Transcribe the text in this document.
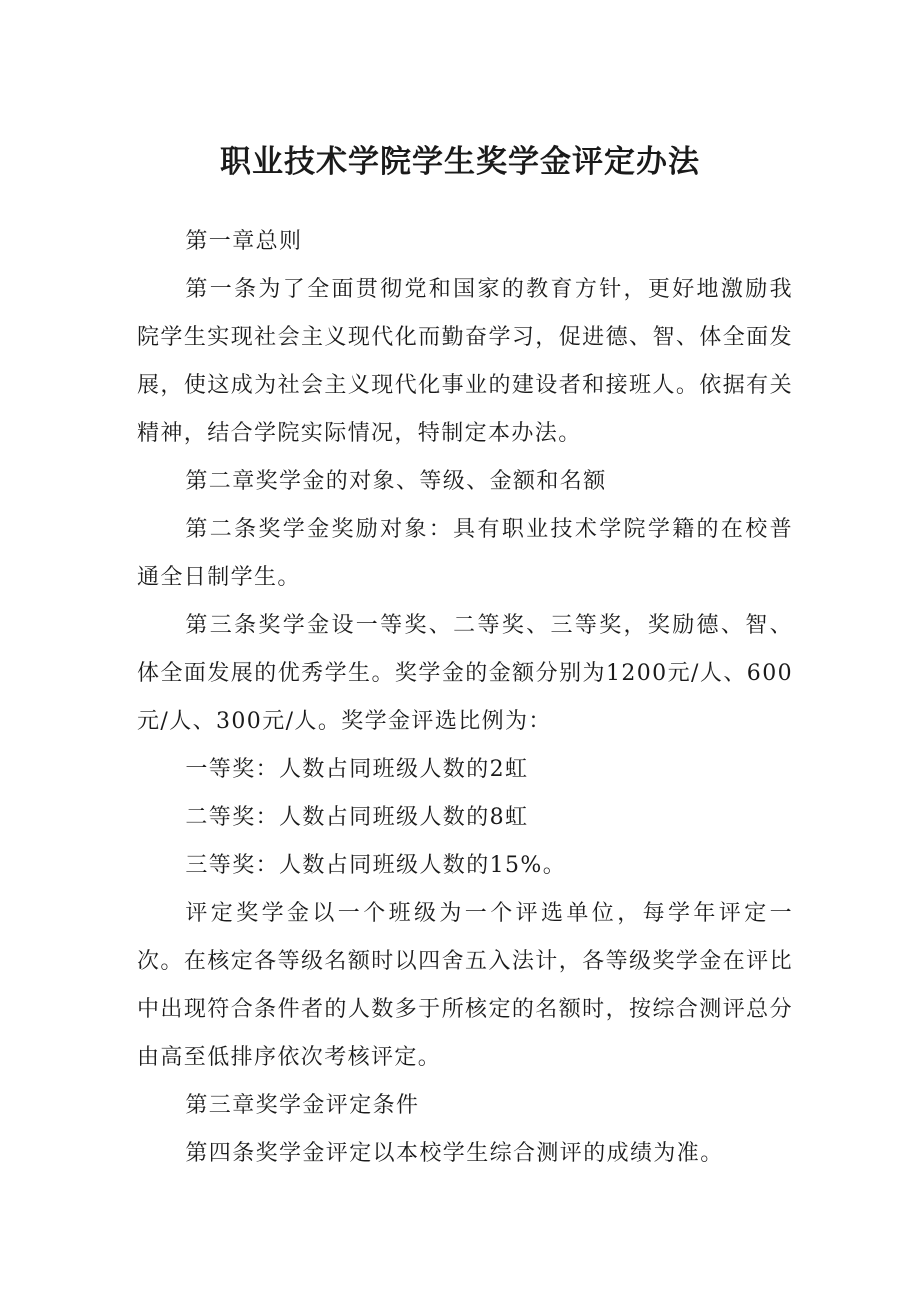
职业技术学院学生奖学金评定办法

第一章总则

第一条为了全面贯彻党和国家的教育方针，更好地激励我院学生实现社会主义现代化而勤奋学习，促进德、智、体全面发展，使这成为社会主义现代化事业的建设者和接班人。依据有关精神，结合学院实际情况，特制定本办法。

第二章奖学金的对象、等级、金额和名额

第二条奖学金奖励对象：具有职业技术学院学籍的在校普通全日制学生。

第三条奖学金设一等奖、二等奖、三等奖，奖励德、智、体全面发展的优秀学生。奖学金的金额分别为1200元/人、600元/人、300元/人。奖学金评选比例为：

一等奖：人数占同班级人数的2虹

二等奖：人数占同班级人数的8虹

三等奖：人数占同班级人数的15%。

评定奖学金以一个班级为一个评选单位，每学年评定一次。在核定各等级名额时以四舍五入法计，各等级奖学金在评比中出现符合条件者的人数多于所核定的名额时，按综合测评总分由高至低排序依次考核评定。

第三章奖学金评定条件

第四条奖学金评定以本校学生综合测评的成绩为准。
